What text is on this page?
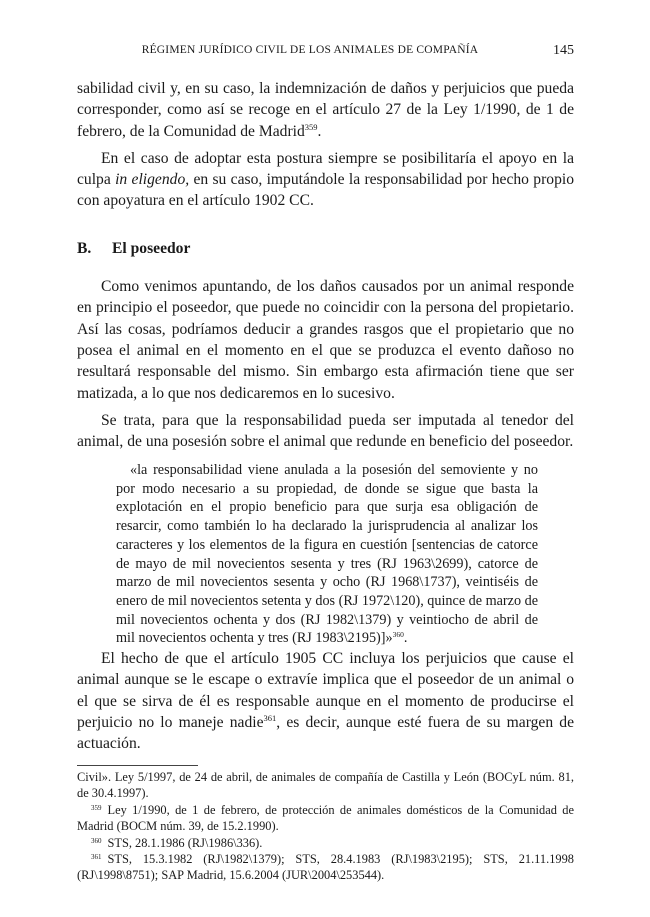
RÉGIMEN JURÍDICO CIVIL DE LOS ANIMALES DE COMPAÑÍA	145

sabilidad civil y, en su caso, la indemnización de daños y perjuicios que pueda corresponder, como así se recoge en el artículo 27 de la Ley 1/1990, de 1 de febrero, de la Comunidad de Madrid$^{359}$.

En el caso de adoptar esta postura siempre se posibilitaría el apoyo en la culpa in eligendo, en su caso, imputándole la responsabilidad por hecho propio con apoyatura en el artículo 1902 CC.

B. El poseedor

Como venimos apuntando, de los daños causados por un animal responde en principio el poseedor, que puede no coincidir con la persona del propietario. Así las cosas, podríamos deducir a grandes rasgos que el propietario que no posea el animal en el momento en el que se produzca el evento dañoso no resultará responsable del mismo. Sin embargo esta afirmación tiene que ser matizada, a lo que nos dedicaremos en lo sucesivo.

Se trata, para que la responsabilidad pueda ser imputada al tenedor del animal, de una posesión sobre el animal que redunde en beneficio del poseedor.

«la responsabilidad viene anulada a la posesión del semoviente y no por modo necesario a su propiedad, de donde se sigue que basta la explotación en el propio beneficio para que surja esa obligación de resarcir, como también lo ha declarado la jurisprudencia al analizar los caracteres y los elementos de la figura en cuestión [sentencias de catorce de mayo de mil novecientos sesenta y tres (RJ 1963\2699), catorce de marzo de mil novecientos sesenta y ocho (RJ 1968\1737), veintiséis de enero de mil novecientos setenta y dos (RJ 1972\120), quince de marzo de mil novecientos ochenta y dos (RJ 1982\1379) y veintiocho de abril de mil novecientos ochenta y tres (RJ 1983\2195)]»$^{360}$.

El hecho de que el artículo 1905 CC incluya los perjuicios que cause el animal aunque se le escape o extravíe implica que el poseedor de un animal o el que se sirva de él es responsable aunque en el momento de producirse el perjuicio no lo maneje nadie$^{361}$, es decir, aunque esté fuera de su margen de actuación.

Civil». Ley 5/1997, de 24 de abril, de animales de compañía de Castilla y León (BOCyL núm. 81, de 30.4.1997).

$^{359}$ Ley 1/1990, de 1 de febrero, de protección de animales domésticos de la Comunidad de Madrid (BOCM núm. 39, de 15.2.1990).

$^{360}$ STS, 28.1.1986 (RJ\1986\336).

$^{361}$ STS, 15.3.1982 (RJ\1982\1379); STS, 28.4.1983 (RJ\1983\2195); STS, 21.11.1998 (RJ\1998\8751); SAP Madrid, 15.6.2004 (JUR\2004\253544).
